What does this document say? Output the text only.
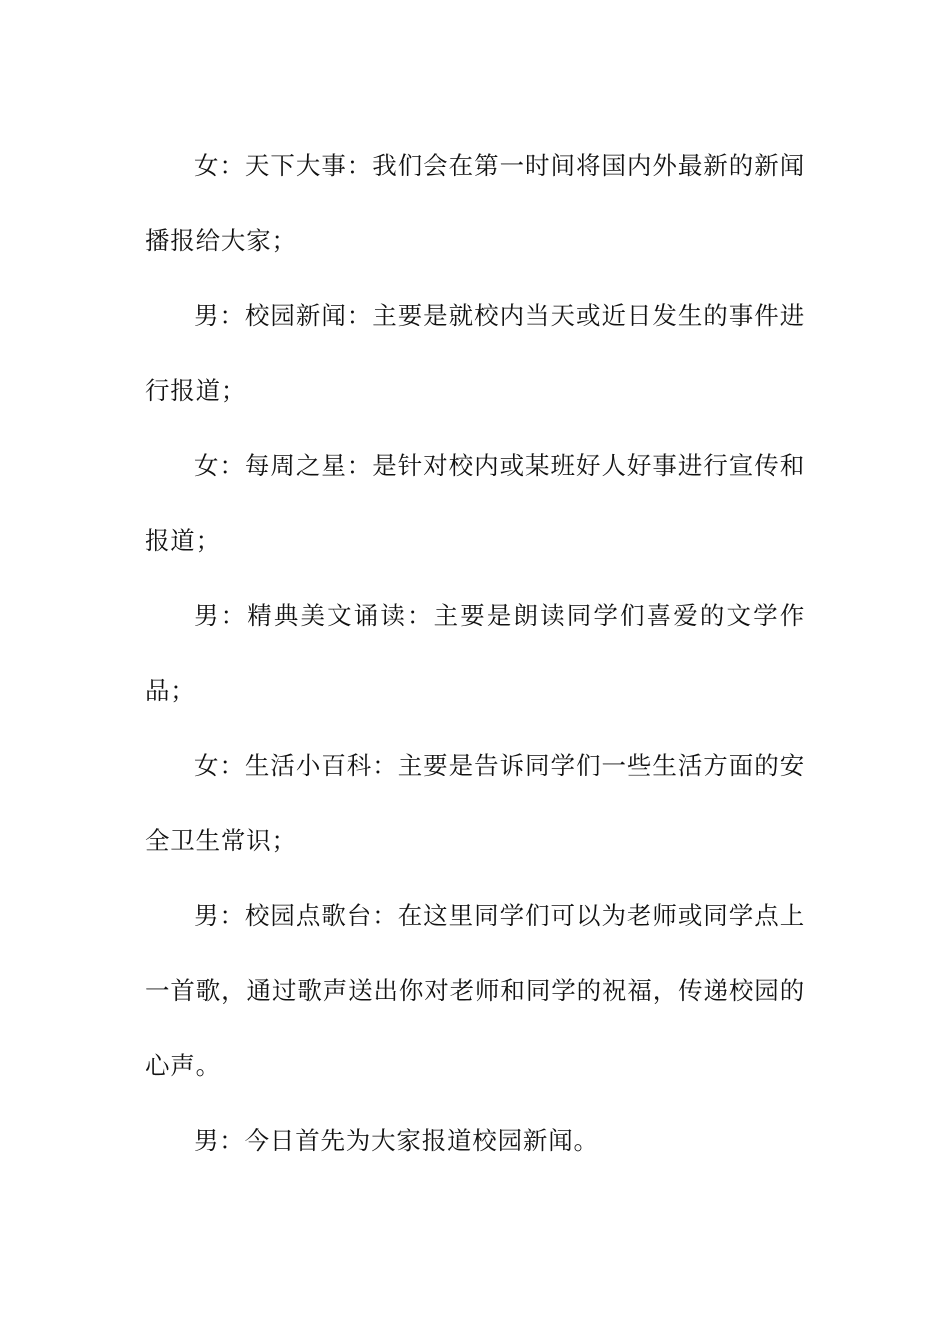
女：天下大事：我们会在第一时间将国内外最新的新闻播报给大家；

男：校园新闻：主要是就校内当天或近日发生的事件进行报道；

女：每周之星：是针对校内或某班好人好事进行宣传和报道；

男：精典美文诵读：主要是朗读同学们喜爱的文学作品；

女：生活小百科：主要是告诉同学们一些生活方面的安全卫生常识；

男：校园点歌台：在这里同学们可以为老师或同学点上一首歌，通过歌声送出你对老师和同学的祝福，传递校园的心声。

男：今日首先为大家报道校园新闻。
